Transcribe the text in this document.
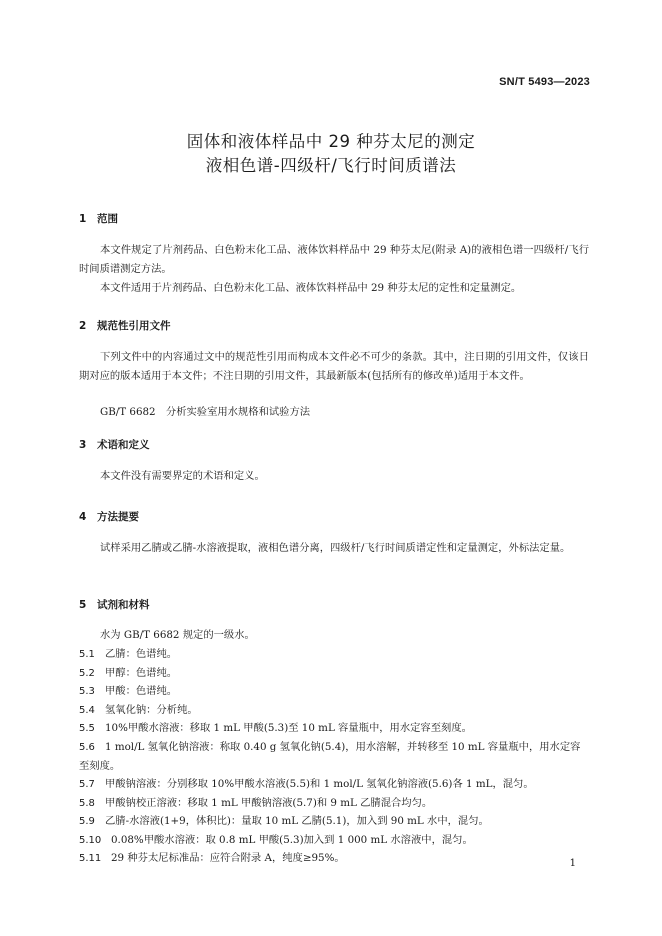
SN/T 5493—2023
固体和液体样品中 29 种芬太尼的测定
液相色谱-四级杆/飞行时间质谱法
1 范围
本文件规定了片剂药品、白色粉末化工品、液体饮料样品中 29 种芬太尼(附录 A)的液相色谱一四级杆/飞行时间质谱测定方法。
本文件适用于片剂药品、白色粉末化工品、液体饮料样品中 29 种芬太尼的定性和定量测定。
2 规范性引用文件
下列文件中的内容通过文中的规范性引用而构成本文件必不可少的条款。其中，注日期的引用文件，仅该日期对应的版本适用于本文件；不注日期的引用文件，其最新版本(包括所有的修改单)适用于本文件。
GB/T 6682　分析实验室用水规格和试验方法
3 术语和定义
本文件没有需要界定的术语和定义。
4 方法提要
试样采用乙腈或乙腈-水溶液提取，液相色谱分离，四级杆/飞行时间质谱定性和定量测定，外标法定量。
5 试剂和材料
水为 GB/T 6682 规定的一级水。
5.1 乙腈：色谱纯。
5.2 甲醇：色谱纯。
5.3 甲酸：色谱纯。
5.4 氢氧化钠：分析纯。
5.5 10%甲酸水溶液：移取 1 mL 甲酸(5.3)至 10 mL 容量瓶中，用水定容至刻度。
5.6 1 mol/L 氢氧化钠溶液：称取 0.40 g 氢氧化钠(5.4)，用水溶解，并转移至 10 mL 容量瓶中，用水定容至刻度。
5.7 甲酸钠溶液：分别移取 10%甲酸水溶液(5.5)和 1 mol/L 氢氧化钠溶液(5.6)各 1 mL，混匀。
5.8 甲酸钠校正溶液：移取 1 mL 甲酸钠溶液(5.7)和 9 mL 乙腈混合均匀。
5.9 乙腈-水溶液(1+9，体积比)：量取 10 mL 乙腈(5.1)，加入到 90 mL 水中，混匀。
5.10 0.08%甲酸水溶液：取 0.8 mL 甲酸(5.3)加入到 1 000 mL 水溶液中，混匀。
5.11 29 种芬太尼标准品：应符合附录 A，纯度≥95%。	1
